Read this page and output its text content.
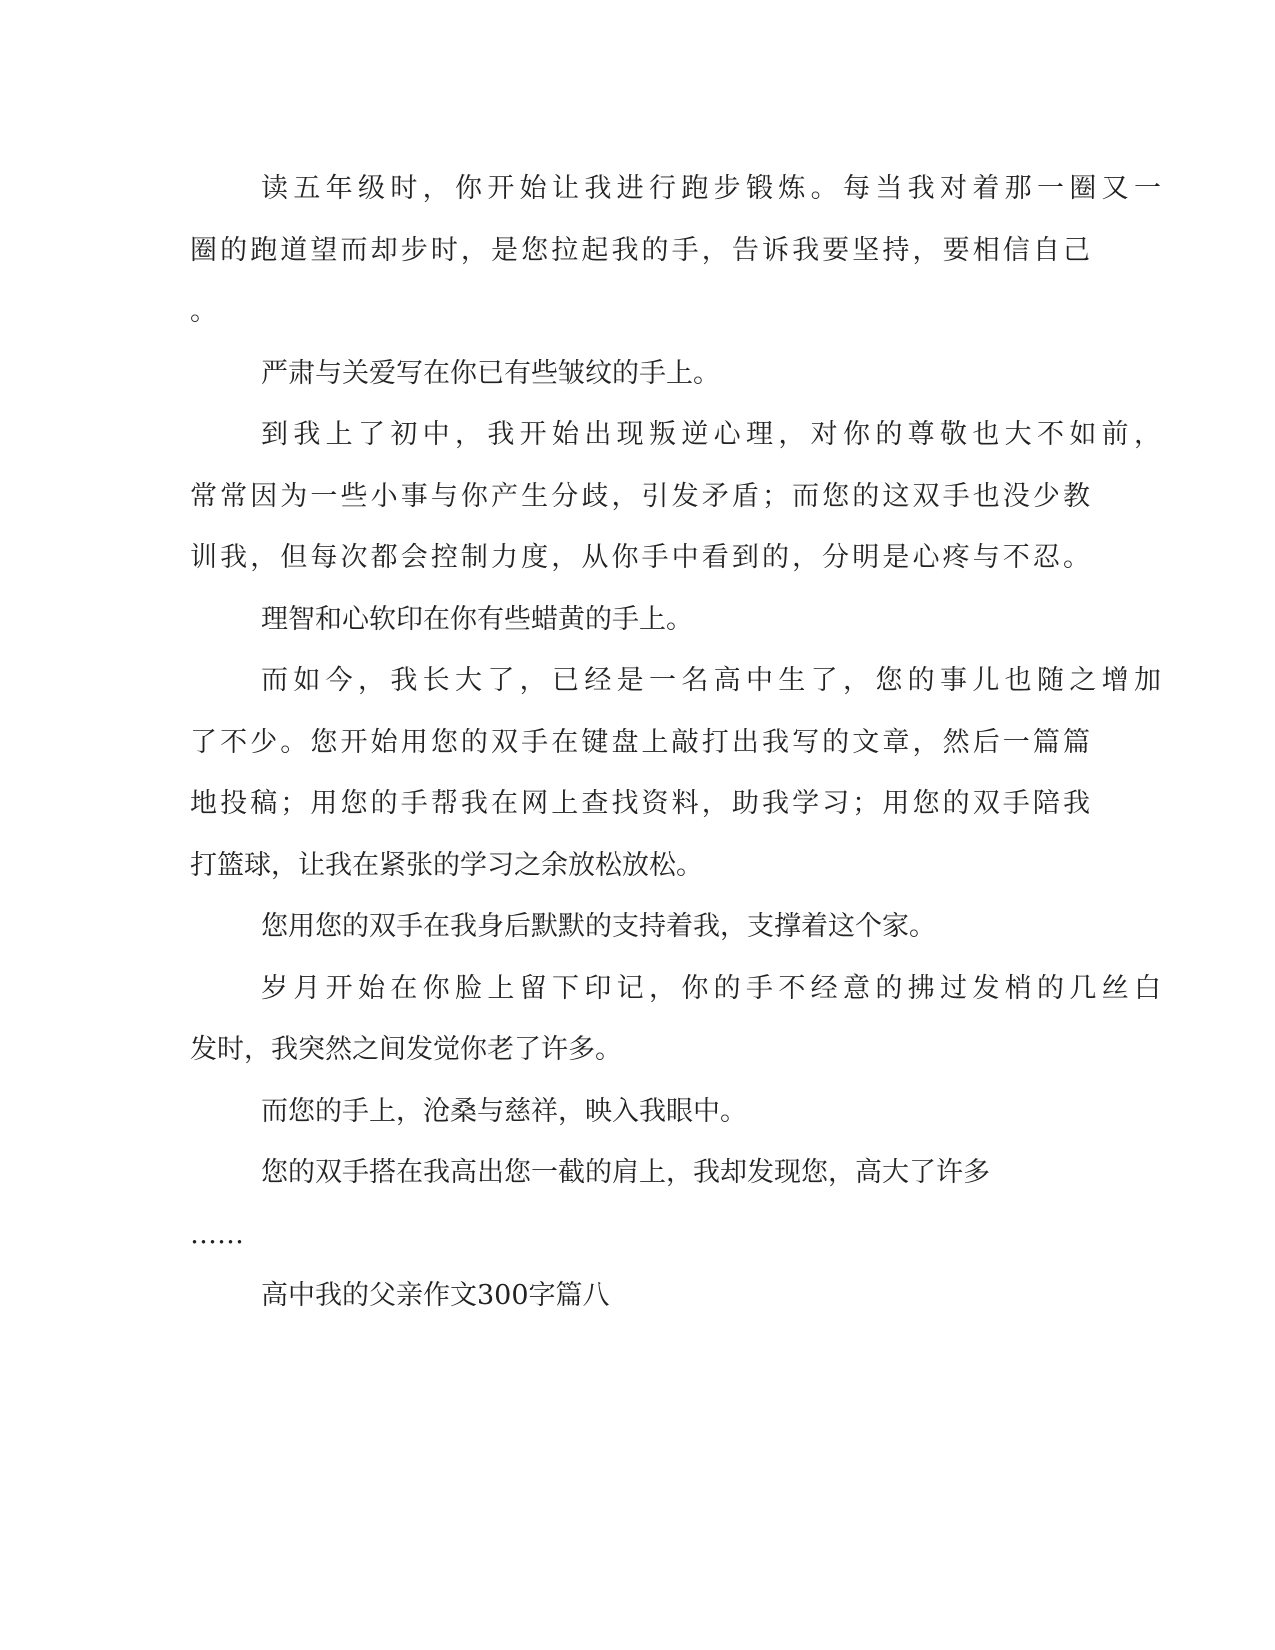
读五年级时，你开始让我进行跑步锻炼。每当我对着那一圈又一
圈的跑道望而却步时，是您拉起我的手，告诉我要坚持，要相信自己
。
严肃与关爱写在你已有些皱纹的手上。
到我上了初中，我开始出现叛逆心理，对你的尊敬也大不如前，
常常因为一些小事与你产生分歧，引发矛盾；而您的这双手也没少教
训我，但每次都会控制力度，从你手中看到的，分明是心疼与不忍。
理智和心软印在你有些蜡黄的手上。
而如今，我长大了，已经是一名高中生了，您的事儿也随之增加
了不少。您开始用您的双手在键盘上敲打出我写的文章，然后一篇篇
地投稿；用您的手帮我在网上查找资料，助我学习；用您的双手陪我
打篮球，让我在紧张的学习之余放松放松。
您用您的双手在我身后默默的支持着我，支撑着这个家。
岁月开始在你脸上留下印记，你的手不经意的拂过发梢的几丝白
发时，我突然之间发觉你老了许多。
而您的手上，沧桑与慈祥，映入我眼中。
您的双手搭在我高出您一截的肩上，我却发现您，高大了许多
……
高中我的父亲作文300字篇八
